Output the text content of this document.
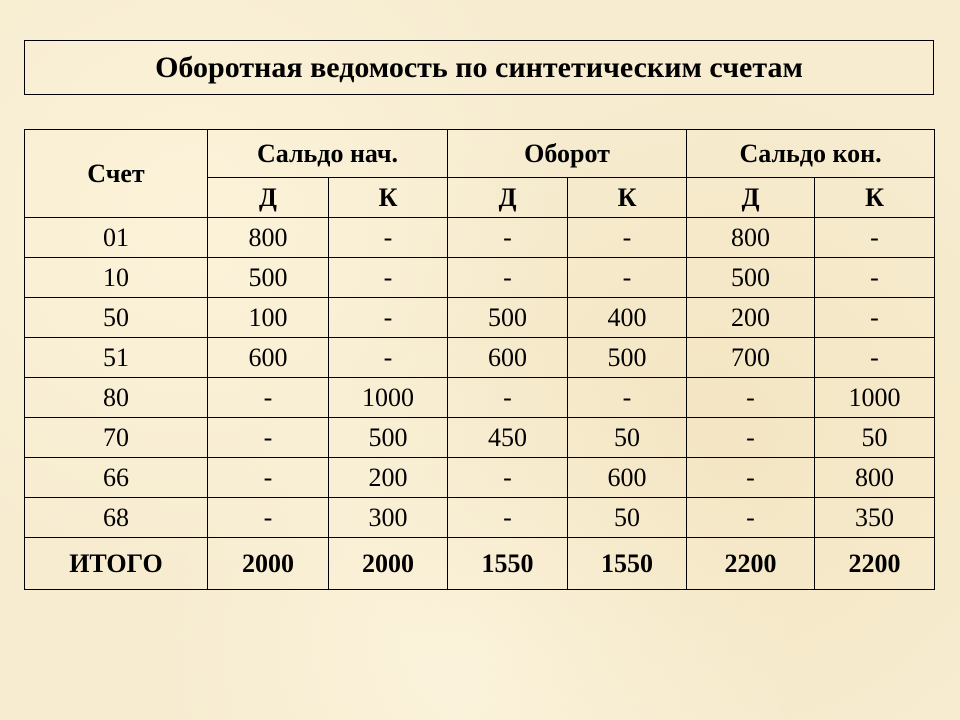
Оборотная ведомость по синтетическим счетам
Счет	Сальдо нач.		Оборот		Сальдо кон.	
	Д	К	Д	К	Д	К
01	800	-	-	-	800	-
10	500	-	-	-	500	-
50	100	-	500	400	200	-
51	600	-	600	500	700	-
80	-	1000	-	-	-	1000
70	-	500	450	50	-	50
66	-	200	-	600	-	800
68	-	300	-	50	-	350
ИТОГО	2000	2000	1550	1550	2200	2200
